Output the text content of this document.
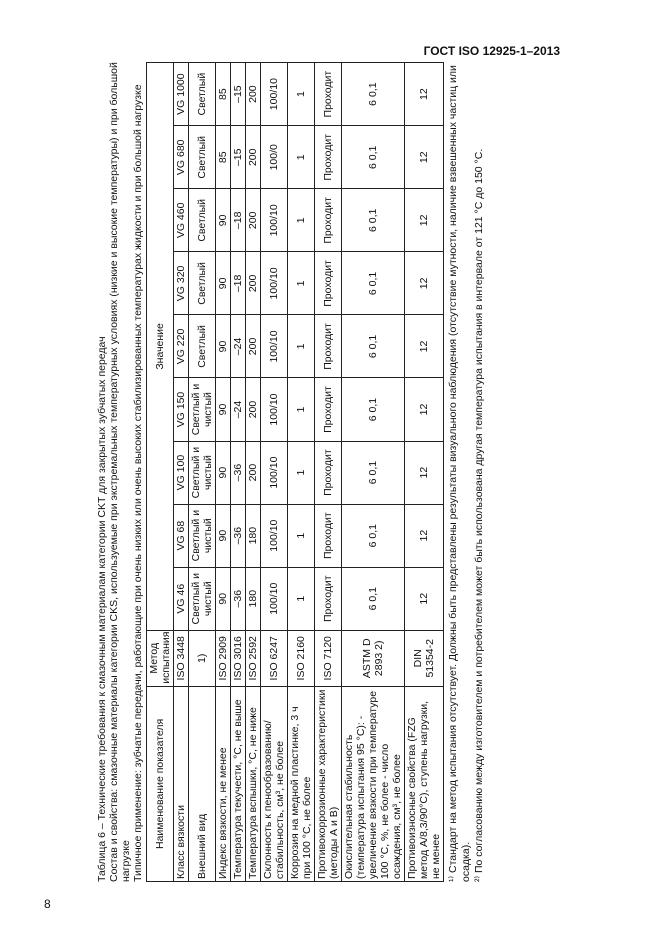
ГОСТ ISO 12925-1–2013

Таблица 6 – Технические требования к смазочным материалам категории CKT для закрытых зубчатых передач Состав и свойства: смазочные материалы категории CKS, используемые при экстремальных температурных условиях (низкие и высокие температуры) и при большой нагрузке Типичное применение: зубчатые передачи, работающие при очень низких или очень высоких стабилизированных температурах жидкости и при большой нагрузке Наименование показателя	Метод испытания	Значение								

Класс вязкости	ISO 3448	VG 46	VG 68	VG 100	VG 150	VG 220	VG 320	VG 460	VG 680	VG 1000
Внешний вид	1)	Светлый и чистый	Светлый и чистый	Светлый и чистый	Светлый и чистый	Светлый	Светлый	Светлый	Светлый	Светлый
Индекс вязкости, не менее	ISO 2909	90	90	90	90	90	90	90	85	85
Температура текучести, °С, не выше	ISO 3016	–36	–36	–36	–24	–24	–18	–18	–15	–15
Температура вспышки, °С, не ниже	ISO 2592	180	180	200	200	200	200	200	200	200
Склонность к пенообразованию/ стабильность, см³, не более	ISO 6247	100/10	100/10	100/10	100/10	100/10	100/10	100/10	100/0	100/10
Коррозия на медной пластинке, 3 ч при 100 °С, не более	ISO 2160	1	1	1	1	1	1	1	1	1
Противокоррозионные характеристики (методы А и В)	ISO 7120	Проходит	Проходит	Проходит	Проходит	Проходит	Проходит	Проходит	Проходит	Проходит
Окислительная стабильность (температура испытания 95 °С): - увеличение вязкости при температуре 100 °С, %, не более - число осаждения, см³, не более	ASTM D 2893 2)	6 0,1	6 0,1	6 0,1	6 0,1	6 0,1	6 0,1	6 0,1	6 0,1	6 0,1
Противоизносные свойства (FZG метод A/8,3/90°С), ступень нагрузки, не менее	DIN 51354-2	12	12	12	12	12	12	12	12	12 ¹⁾ Стандарт на метод испытания отсутствует. Должны быть представлены результаты визуального наблюдения (отсутствие мутности, наличие взвешенных частиц или осадка). ²⁾ По согласованию между изготовителем и потребителем может быть использована другая температура испытания в интервале от 121 °С до 150 °С.

8
